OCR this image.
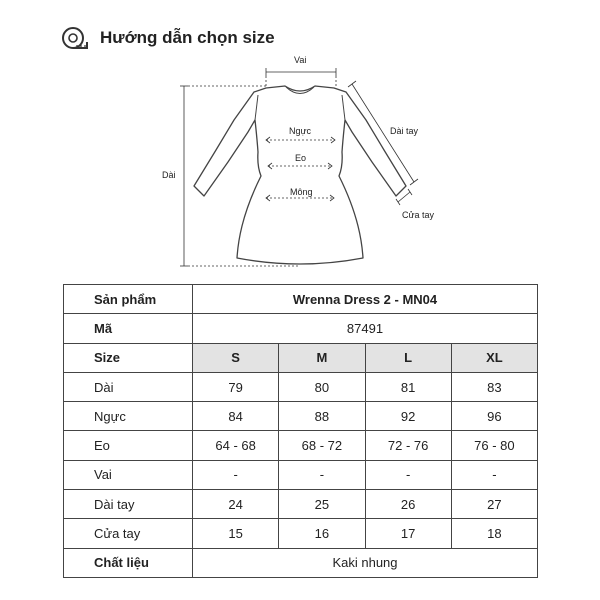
Hướng dẫn chọn size
Vai
Dài
Ngực
Eo
Mông
Dài tay
Cửa tay
Sản phẩm	Wrenna Dress 2 - MN04			
Mã	87491			
Size	S	M	L	XL
Dài	79	80	81	83
Ngực	84	88	92	96
Eo	64 - 68	68 - 72	72 - 76	76 - 80
Vai	-	-	-	-
Dài tay	24	25	26	27
Cửa tay	15	16	17	18
Chất liệu	Kaki nhung			
